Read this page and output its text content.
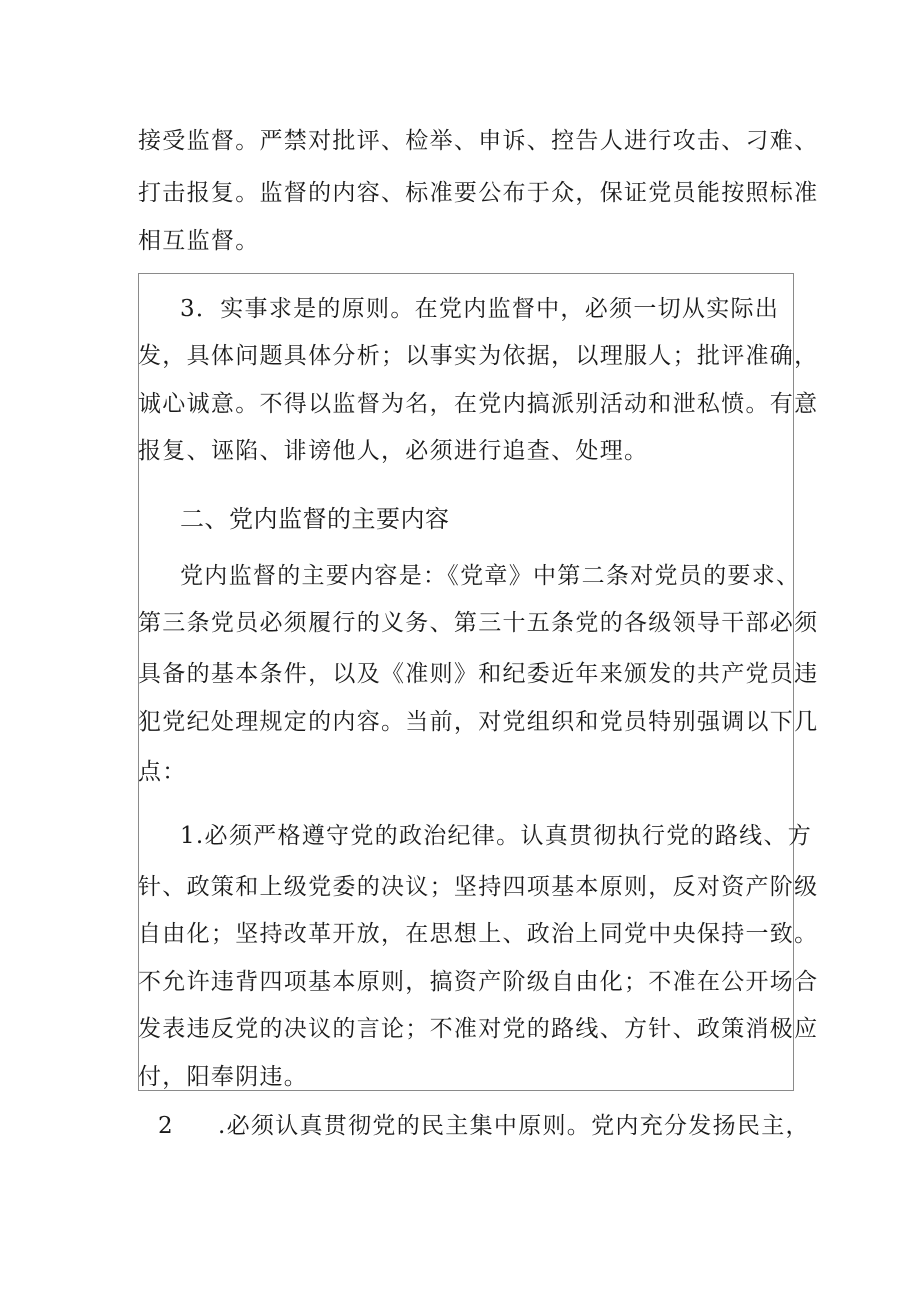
接受监督。严禁对批评、检举、申诉、控告人进行攻击、刁难、
打击报复。监督的内容、标准要公布于众，保证党员能按照标准
相互监督。
3．实事求是的原则。在党内监督中，必须一切从实际出
发，具体问题具体分析；以事实为依据，以理服人；批评准确，
诚心诚意。不得以监督为名，在党内搞派别活动和泄私愤。有意
报复、诬陷、诽谤他人，必须进行追查、处理。
二、党内监督的主要内容
党内监督的主要内容是：《党章》中第二条对党员的要求、
第三条党员必须履行的义务、第三十五条党的各级领导干部必须
具备的基本条件，以及《准则》和纪委近年来颁发的共产党员违
犯党纪处理规定的内容。当前，对党组织和党员特别强调以下几
点：
1.必须严格遵守党的政治纪律。认真贯彻执行党的路线、方
针、政策和上级党委的决议；坚持四项基本原则，反对资产阶级
自由化；坚持改革开放，在思想上、政治上同党中央保持一致。
不允许违背四项基本原则，搞资产阶级自由化；不准在公开场合
发表违反党的决议的言论；不准对党的路线、方针、政策消极应
付，阳奉阴违。
2 .必须认真贯彻党的民主集中原则。党内充分发扬民主，
